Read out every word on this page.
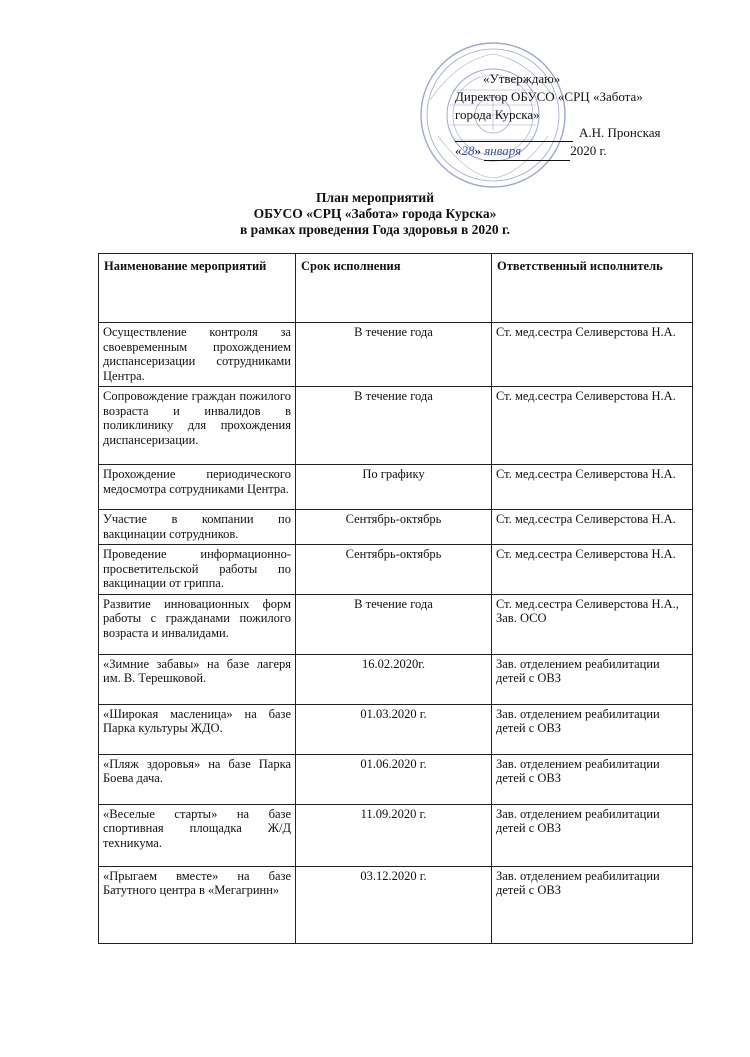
«Утверждаю»
Директор ОБУСО «СРЦ «Забота»
города Курска»
А.Н. Пронская
«28» января	2020 г.
План мероприятий
ОБУСО «СРЦ «Забота» города Курска»
в рамках проведения Года здоровья в 2020 г.
Наименование мероприятий	Срок исполнения	Ответственный исполнитель
Осуществление контроля за своевременным прохождением диспансеризации сотрудниками Центра.	В течение года	Ст. мед.сестра Селиверстова Н.А.
Сопровождение граждан пожилого возраста и инвалидов в поликлинику для прохождения диспансеризации.	В течение года	Ст. мед.сестра Селиверстова Н.А.
Прохождение периодического медосмотра сотрудниками Центра.	По графику	Ст. мед.сестра Селиверстова Н.А.
Участие в компании по вакцинации сотрудников.	Сентябрь-октябрь	Ст. мед.сестра Селиверстова Н.А.
Проведение информационно-просветительской работы по вакцинации от гриппа.	Сентябрь-октябрь	Ст. мед.сестра Селиверстова Н.А.
Развитие инновационных форм работы с гражданами пожилого возраста и инвалидами.	В течение года	Ст. мед.сестра Селиверстова Н.А., Зав. ОСО
«Зимние забавы» на базе лагеря им. В. Терешковой.	16.02.2020г.	Зав. отделением реабилитации детей с ОВЗ
«Широкая масленица» на базе Парка культуры ЖДО.	01.03.2020 г.	Зав. отделением реабилитации детей с ОВЗ
«Пляж здоровья» на базе Парка Боева дача.	01.06.2020 г.	Зав. отделением реабилитации детей с ОВЗ
«Веселые старты» на базе спортивная площадка Ж/Д техникума.	11.09.2020 г.	Зав. отделением реабилитации детей с ОВЗ
«Прыгаем вместе» на базе Батутного центра в «Мегагринн»	03.12.2020 г.	Зав. отделением реабилитации детей с ОВЗ
